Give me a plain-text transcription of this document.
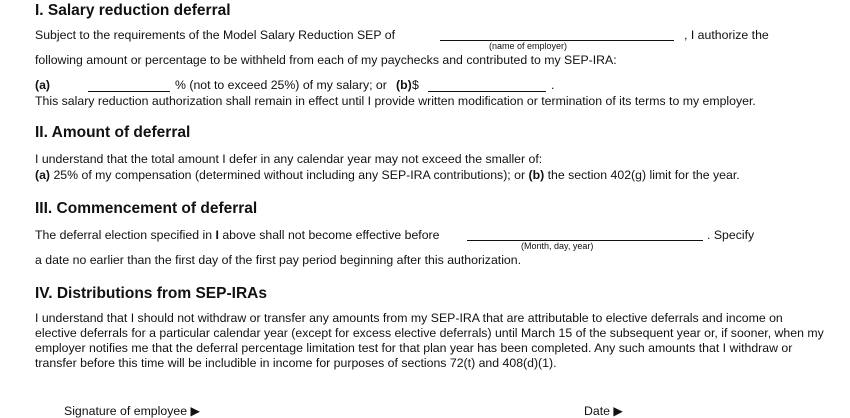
I. Salary reduction deferral
Subject to the requirements of the Model Salary Reduction SEP of	, I authorize the
(name of employer)
following amount or percentage to be withheld from each of my paychecks and contributed to my SEP-IRA:
(a)	% (not to exceed 25%) of my salary; or (b) $	.
This salary reduction authorization shall remain in effect until I provide written modification or termination of its terms to my employer.
II. Amount of deferral
I understand that the total amount I defer in any calendar year may not exceed the smaller of:
(a) 25% of my compensation (determined without including any SEP-IRA contributions); or (b) the section 402(g) limit for the year.
III. Commencement of deferral
The deferral election specified in I above shall not become effective before	. Specify
(Month, day, year)
a date no earlier than the first day of the first pay period beginning after this authorization.
IV. Distributions from SEP-IRAs
I understand that I should not withdraw or transfer any amounts from my SEP-IRA that are attributable to elective deferrals and income on elective deferrals for a particular calendar year (except for excess elective deferrals) until March 15 of the subsequent year or, if sooner, when my employer notifies me that the deferral percentage limitation test for that plan year has been completed. Any such amounts that I withdraw or transfer before this time will be includible in income for purposes of sections 72(t) and 408(d)(1).
Signature of employee ▶	Date ▶
